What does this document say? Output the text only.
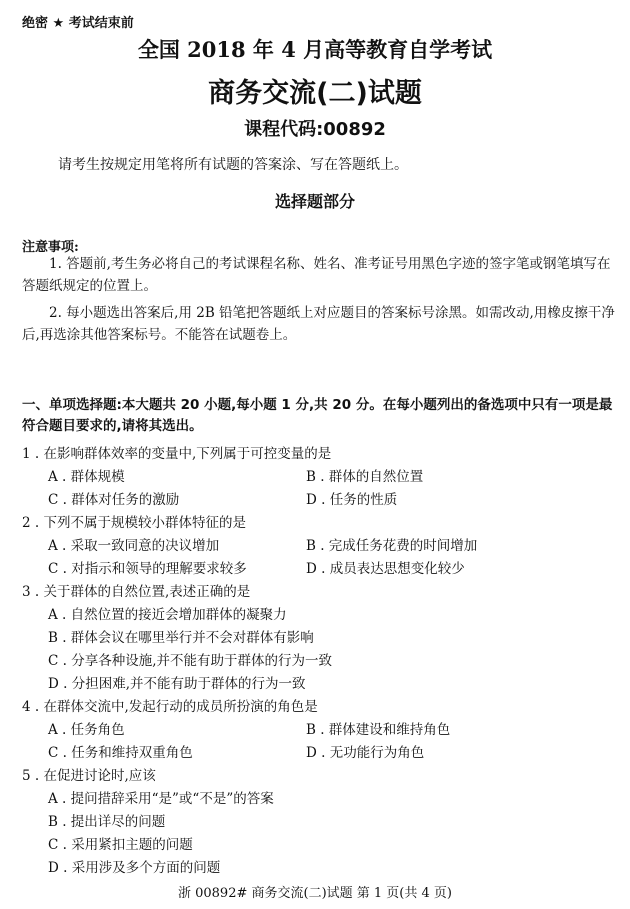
绝密 ★ 考试结束前
全国 2018 年 4 月高等教育自学考试
商务交流(二)试题
课程代码:00892
请考生按规定用笔将所有试题的答案涂、写在答题纸上。
选择题部分
注意事项:
1. 答题前,考生务必将自己的考试课程名称、姓名、准考证号用黑色字迹的签字笔或钢笔填写在答题纸规定的位置上。
2. 每小题选出答案后,用 2B 铅笔把答题纸上对应题目的答案标号涂黑。如需改动,用橡皮擦干净后,再选涂其他答案标号。不能答在试题卷上。
一、单项选择题:本大题共 20 小题,每小题 1 分,共 20 分。在每小题列出的备选项中只有一项是最符合题目要求的,请将其选出。
1 . 在影响群体效率的变量中,下列属于可控变量的是
A . 群体规模	B . 群体的自然位置
C . 群体对任务的激励	D . 任务的性质
2 . 下列不属于规模较小群体特征的是
A . 采取一致同意的决议增加	B . 完成任务花费的时间增加
C . 对指示和领导的理解要求较多	D . 成员表达思想变化较少
3 . 关于群体的自然位置,表述正确的是
A . 自然位置的接近会增加群体的凝聚力
B . 群体会议在哪里举行并不会对群体有影响
C . 分享各种设施,并不能有助于群体的行为一致
D . 分担困难,并不能有助于群体的行为一致
4 . 在群体交流中,发起行动的成员所扮演的角色是
A . 任务角色	B . 群体建设和维持角色
C . 任务和维持双重角色	D . 无功能行为角色
5 . 在促进讨论时,应该
A . 提问措辞采用“是”或“不是”的答案
B . 提出详尽的问题
C . 采用紧扣主题的问题
D . 采用涉及多个方面的问题
浙 00892# 商务交流(二)试题 第 1 页(共 4 页)
